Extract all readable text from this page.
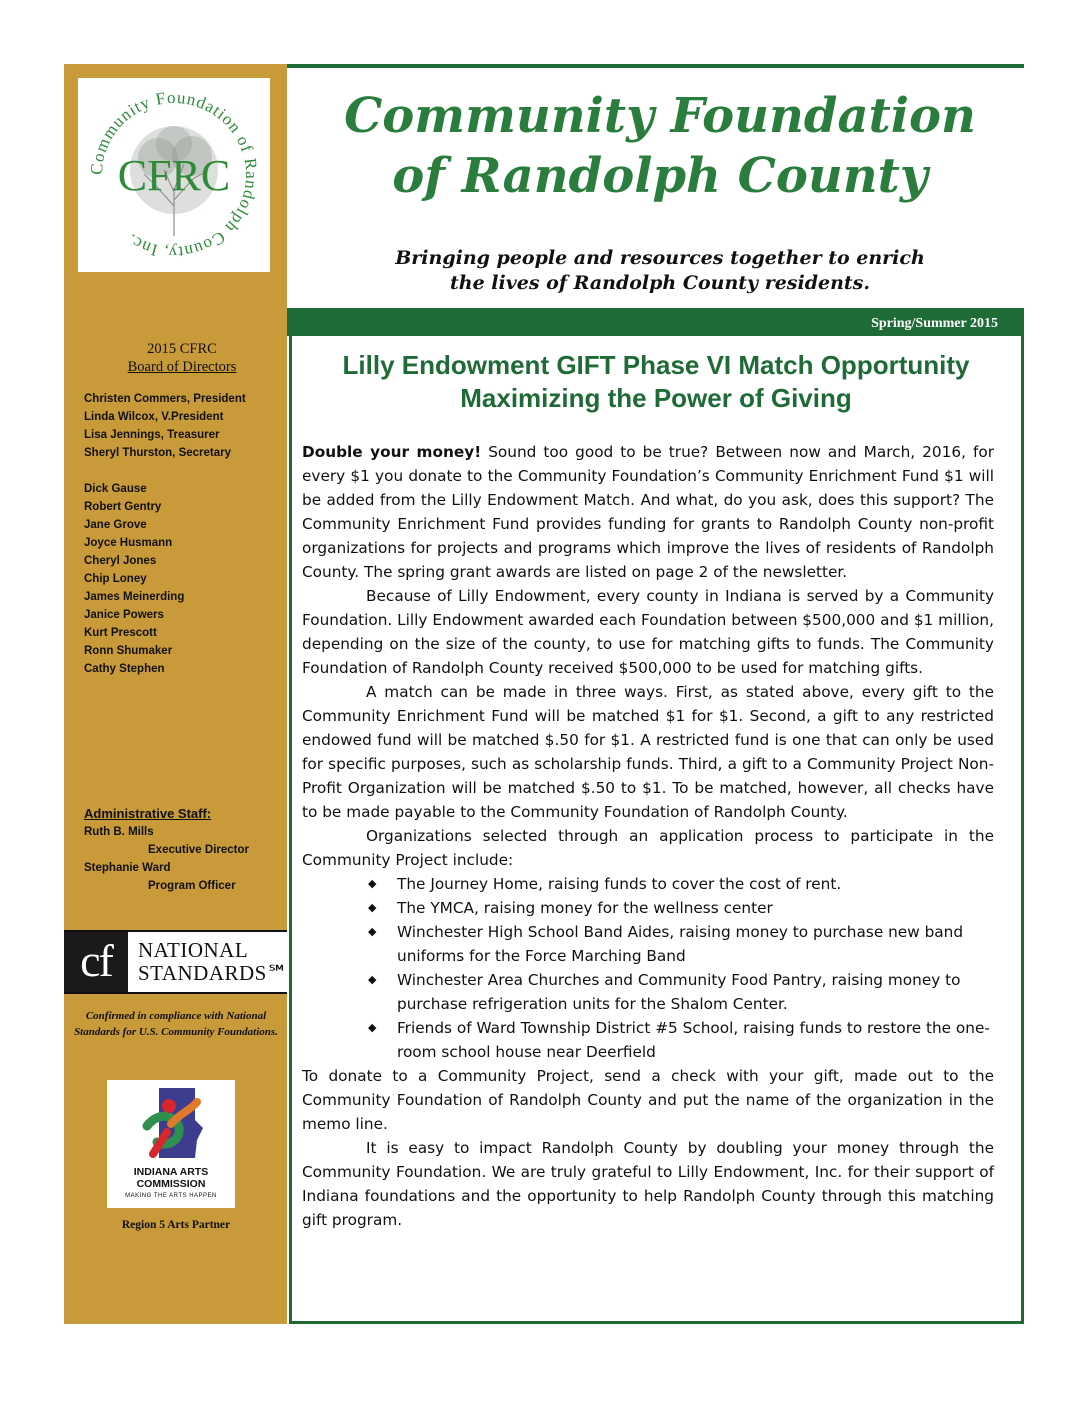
CFRC
Community Foundation of Randolph County, Inc.
2015 CFRC
Board of Directors
Christen Commers, President
Linda Wilcox, V.President
Lisa Jennings, Treasurer
Sheryl Thurston, Secretary
Dick Gause
Robert Gentry
Jane Grove
Joyce Husmann
Cheryl Jones
Chip Loney
James Meinerding
Janice Powers
Kurt Prescott
Ronn Shumaker
Cathy Stephen
Administrative Staff:
Ruth B. Mills
Executive Director
Stephanie Ward
Program Officer
cf	NATIONAL
STANDARDS℠
Confirmed in compliance with National Standards for U.S. Community Foundations.
INDIANA ARTS
COMMISSION
MAKING THE ARTS HAPPEN
Region 5 Arts Partner
Community Foundation
of Randolph County
Bringing people and resources together to enrich
the lives of Randolph County residents.
Spring/Summer 2015
Lilly Endowment GIFT Phase VI Match Opportunity
Maximizing the Power of Giving

Double your money! Sound too good to be true? Between now and March, 2016, for every $1 you donate to the Community Foundation’s Community Enrichment Fund $1 will be added from the Lilly Endowment Match. And what, do you ask, does this support? The Community Enrichment Fund provides funding for grants to Randolph County non-profit organizations for projects and programs which improve the lives of residents of Randolph County. The spring grant awards are listed on page 2 of the newsletter.

Because of Lilly Endowment, every county in Indiana is served by a Community Foundation. Lilly Endowment awarded each Foundation between $500,000 and $1 million, depending on the size of the county, to use for matching gifts to funds. The Community Foundation of Randolph County received $500,000 to be used for matching gifts.

A match can be made in three ways. First, as stated above, every gift to the Community Enrichment Fund will be matched $1 for $1. Second, a gift to any restricted endowed fund will be matched $.50 for $1. A restricted fund is one that can only be used for specific purposes, such as scholarship funds. Third, a gift to a Community Project Non-Profit Organization will be matched $.50 to $1. To be matched, however, all checks have to be made payable to the Community Foundation of Randolph County.

Organizations selected through an application process to participate in the Community Project include:

◆ The Journey Home, raising funds to cover the cost of rent.
◆ The YMCA, raising money for the wellness center
◆ Winchester High School Band Aides, raising money to purchase new band uniforms for the Force Marching Band
◆ Winchester Area Churches and Community Food Pantry, raising money to purchase refrigeration units for the Shalom Center.
◆ Friends of Ward Township District #5 School, raising funds to restore the one-room school house near Deerfield

To donate to a Community Project, send a check with your gift, made out to the Community Foundation of Randolph County and put the name of the organization in the memo line.

It is easy to impact Randolph County by doubling your money through the Community Foundation. We are truly grateful to Lilly Endowment, Inc. for their support of Indiana foundations and the opportunity to help Randolph County through this matching gift program.
